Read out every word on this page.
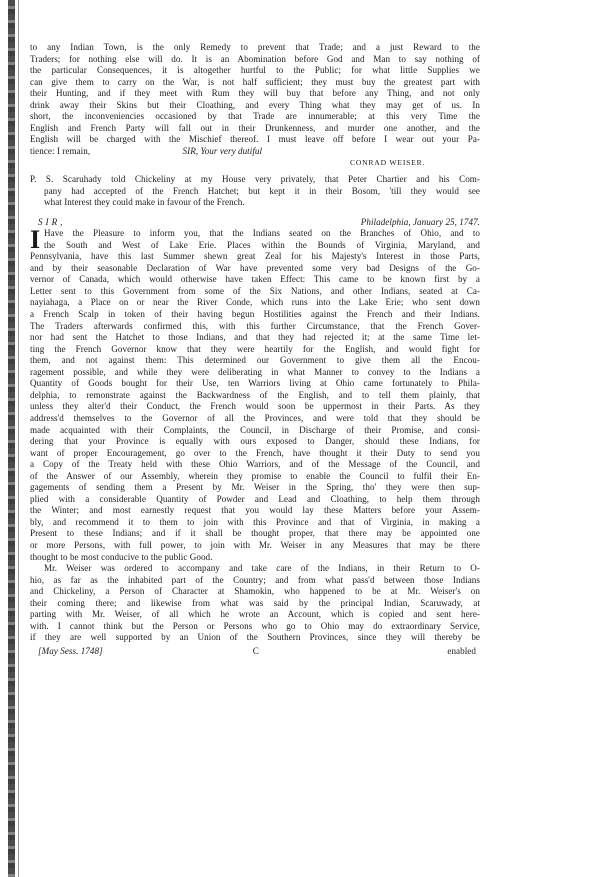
to any Indian Town, is the only Remedy to prevent that Trade; and a just Reward to the
Traders; for nothing else will do. It is an Abomination before God and Man to say nothing of
the particular Consequences, it is altogether hurtful to the Public; for what little Supplies we
can give them to carry on the War, is not half sufficient; they must buy the greatest part with
their Hunting, and if they meet with Rum they will buy that before any Thing, and not only
drink away their Skins but their Cloathing, and every Thing what they may get of us. In
short, the inconveniencies occasioned by that Trade are innumerable; at this very Time the
English and French Party will fall out in their Drunkenness, and murder one another, and the
English will be charged with the Mischief thereof. I must leave off before I wear out your Pa-
tience: I remain,	SIR, Your very dutiful
CONRAD WEISER.
P. S. Scaruhady told Chickeliny at my House very privately, that Peter Chartier and his Com-
pany had accepted of the French Hatchet; but kept it in their Bosom, 'till they would see
what Interest they could make in favour of the French.
SIR,	Philadelphia, January 25, 1747.
I Have the Pleasure to inform you, that the Indians seated on the Branches of Ohio, and to
the South and West of Lake Erie. Places within the Bounds of Virginia, Maryland, and
Pennsylvania, have this last Summer shewn great Zeal for his Majesty's Interest in those Parts,
and by their seasonable Declaration of War have prevented some very bad Designs of the Go-
vernor of Canada, which would otherwise have taken Effect: This came to be known first by a
Letter sent to this Government from some of the Six Nations, and other Indians, seated at Ca-
nayiahaga, a Place on or near the River Conde, which runs into the Lake Erie; who sent down
a French Scalp in token of their having begun Hostilities against the French and their Indians.
The Traders afterwards confirmed this, with this further Circumstance, that the French Gover-
nor had sent the Hatchet to those Indians, and that they had rejected it; at the same Time let-
ting the French Governor know that they were heartily for the English, and would fight for
them, and not against them: This determined our Government to give them all the Encou-
ragement possible, and while they were deliberating in what Manner to convey to the Indians a
Quantity of Goods bought for their Use, ten Warriors living at Ohio came fortunately to Phila-
delphia, to remonstrate against the Backwardness of the English, and to tell them plainly, that
unless they alter'd their Conduct, the French would soon be uppermost in their Parts. As they
address'd themselves to the Governor of all the Provinces, and were told that they should be
made acquainted with their Complaints, the Council, in Discharge of their Promise, and consi-
dering that your Province is equally with ours exposed to Danger, should these Indians, for
want of proper Encouragement, go over to the French, have thought it their Duty to send you
a Copy of the Treaty held with these Ohio Warriors, and of the Message of the Council, and
of the Answer of our Assembly, wherein they promise to enable the Council to fulfil their En-
gagements of sending them a Present by Mr. Weiser in the Spring, tho' they were then sup-
plied with a considerable Quantity of Powder and Lead and Cloathing, to help them through
the Winter; and most earnestly request that you would lay these Matters before your Assem-
bly, and recommend it to them to join with this Province and that of Virginia, in making a
Present to these Indians; and if it shall be thought proper, that there may be appointed one
or more Persons, with full power, to join with Mr. Weiser in any Measures that may be there
thought to be most conducive to the public Good.
Mr. Weiser was ordered to accompany and take care of the Indians, in their Return to O-
hio, as far as the inhabited part of the Country; and from what pass'd between those Indians
and Chickeliny, a Person of Character at Shamokin, who happened to be at Mr. Weiser's on
their coming there; and likewise from what was said by the principal Indian, Scaruwady, at
parting with Mr. Weiser, of all which he wrote an Account, which is copied and sent here-
with. I cannot think but the Person or Persons who go to Ohio may do extraordinary Service,
if they are well supported by an Union of the Southern Provinces, since they will thereby be
[May Sess. 1748]	C	enabled
